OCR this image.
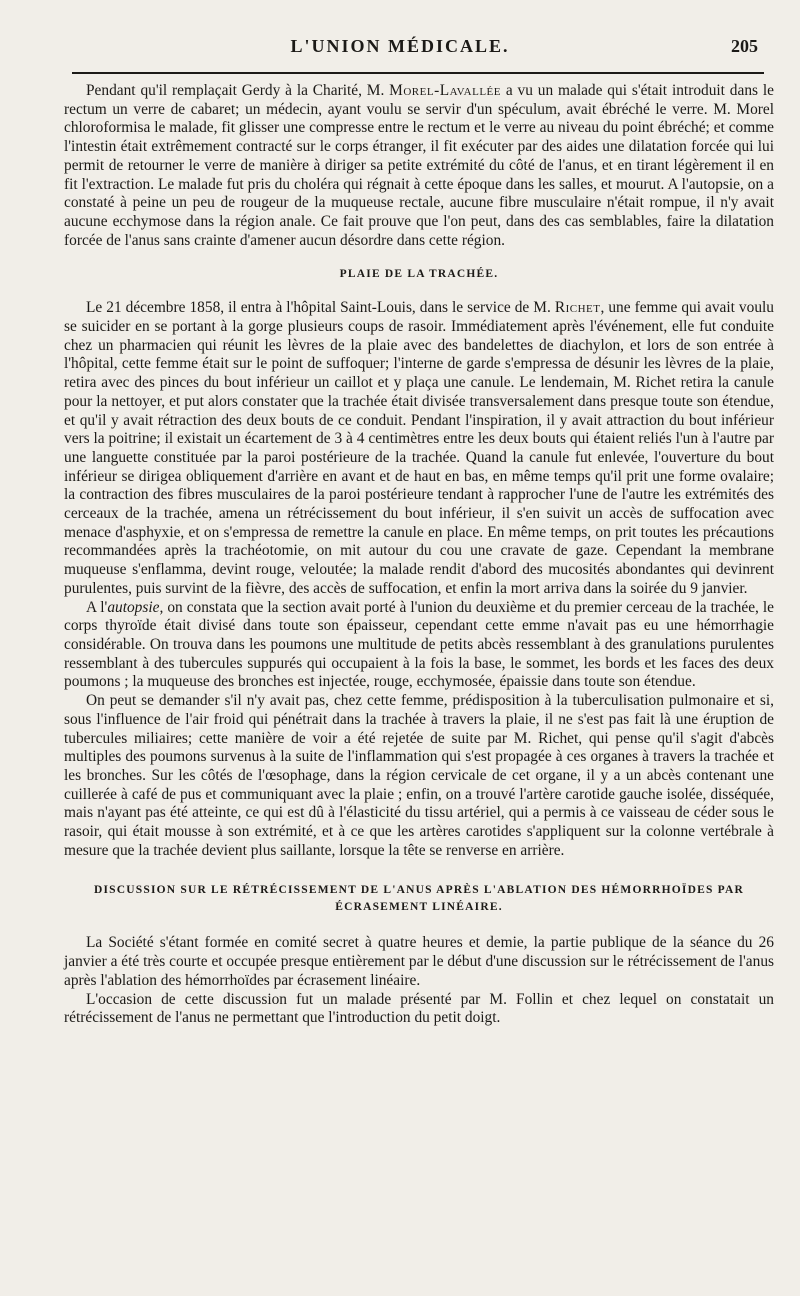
L'UNION MÉDICALE.	205

Pendant qu'il remplaçait Gerdy à la Charité, M. Morel-Lavallée a vu un malade qui s'était introduit dans le rectum un verre de cabaret; un médecin, ayant voulu se servir d'un spéculum, avait ébréché le verre. M. Morel chloroformisa le malade, fit glisser une compresse entre le rectum et le verre au niveau du point ébréché; et comme l'intestin était extrêmement contracté sur le corps étranger, il fit exécuter par des aides une dilatation forcée qui lui permit de retourner le verre de manière à diriger sa petite extrémité du côté de l'anus, et en tirant légèrement il en fit l'extraction. Le malade fut pris du choléra qui régnait à cette époque dans les salles, et mourut. A l'autopsie, on a constaté à peine un peu de rougeur de la muqueuse rectale, aucune fibre musculaire n'était rompue, il n'y avait aucune ecchymose dans la région anale. Ce fait prouve que l'on peut, dans des cas semblables, faire la dilatation forcée de l'anus sans crainte d'amener aucun désordre dans cette région.

PLAIE DE LA TRACHÉE.

Le 21 décembre 1858, il entra à l'hôpital Saint-Louis, dans le service de M. Richet, une femme qui avait voulu se suicider en se portant à la gorge plusieurs coups de rasoir. Immédiatement après l'événement, elle fut conduite chez un pharmacien qui réunit les lèvres de la plaie avec des bandelettes de diachylon, et lors de son entrée à l'hôpital, cette femme était sur le point de suffoquer; l'interne de garde s'empressa de désunir les lèvres de la plaie, retira avec des pinces du bout inférieur un caillot et y plaça une canule. Le lendemain, M. Richet retira la canule pour la nettoyer, et put alors constater que la trachée était divisée transversalement dans presque toute son étendue, et qu'il y avait rétraction des deux bouts de ce conduit. Pendant l'inspiration, il y avait attraction du bout inférieur vers la poitrine; il existait un écartement de 3 à 4 centimètres entre les deux bouts qui étaient reliés l'un à l'autre par une languette constituée par la paroi postérieure de la trachée. Quand la canule fut enlevée, l'ouverture du bout inférieur se dirigea obliquement d'arrière en avant et de haut en bas, en même temps qu'il prit une forme ovalaire; la contraction des fibres musculaires de la paroi postérieure tendant à rapprocher l'une de l'autre les extrémités des cerceaux de la trachée, amena un rétrécissement du bout inférieur, il s'en suivit un accès de suffocation avec menace d'asphyxie, et on s'empressa de remettre la canule en place. En même temps, on prit toutes les précautions recommandées après la trachéotomie, on mit autour du cou une cravate de gaze. Cependant la membrane muqueuse s'enflamma, devint rouge, veloutée; la malade rendit d'abord des mucosités abondantes qui devinrent purulentes, puis survint de la fièvre, des accès de suffocation, et enfin la mort arriva dans la soirée du 9 janvier.

A l'autopsie, on constata que la section avait porté à l'union du deuxième et du premier cerceau de la trachée, le corps thyroïde était divisé dans toute son épaisseur, cependant cette emme n'avait pas eu une hémorrhagie considérable. On trouva dans les poumons une multitude de petits abcès ressemblant à des granulations purulentes ressemblant à des tubercules suppurés qui occupaient à la fois la base, le sommet, les bords et les faces des deux poumons ; la muqueuse des bronches est injectée, rouge, ecchymosée, épaissie dans toute son étendue.

On peut se demander s'il n'y avait pas, chez cette femme, prédisposition à la tuberculisation pulmonaire et si, sous l'influence de l'air froid qui pénétrait dans la trachée à travers la plaie, il ne s'est pas fait là une éruption de tubercules miliaires; cette manière de voir a été rejetée de suite par M. Richet, qui pense qu'il s'agit d'abcès multiples des poumons survenus à la suite de l'inflammation qui s'est propagée à ces organes à travers la trachée et les bronches. Sur les côtés de l'œsophage, dans la région cervicale de cet organe, il y a un abcès contenant une cuillerée à café de pus et communiquant avec la plaie ; enfin, on a trouvé l'artère carotide gauche isolée, disséquée, mais n'ayant pas été atteinte, ce qui est dû à l'élasticité du tissu artériel, qui a permis à ce vaisseau de céder sous le rasoir, qui était mousse à son extrémité, et à ce que les artères carotides s'appliquent sur la colonne vertébrale à mesure que la trachée devient plus saillante, lorsque la tête se renverse en arrière.

DISCUSSION SUR LE RÉTRÉCISSEMENT DE L'ANUS APRÈS L'ABLATION DES HÉMORRHOÏDES PAR ÉCRASEMENT LINÉAIRE.

La Société s'étant formée en comité secret à quatre heures et demie, la partie publique de la séance du 26 janvier a été très courte et occupée presque entièrement par le début d'une discussion sur le rétrécissement de l'anus après l'ablation des hémorrhoïdes par écrasement linéaire.

L'occasion de cette discussion fut un malade présenté par M. Follin et chez lequel on constatait un rétrécissement de l'anus ne permettant que l'introduction du petit doigt.
